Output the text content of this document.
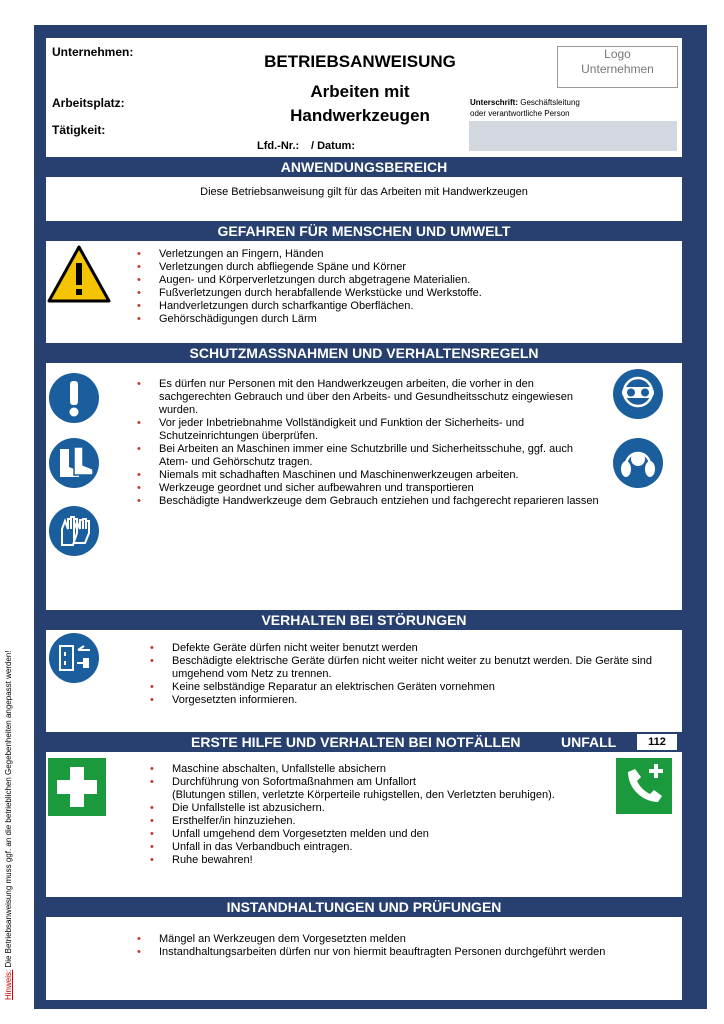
Unternehmen:
Arbeitsplatz:
Tätigkeit:
BETRIEBSANWEISUNG
Arbeiten mit
Handwerkzeugen
Lfd.-Nr.: / Datum:
Logo
Unternehmen
Unterschrift: Geschäftsleitung
oder verantwortliche Person
ANWENDUNGSBEREICH
Diese Betriebsanweisung gilt für das Arbeiten mit Handwerkzeugen
GEFAHREN FÜR MENSCHEN UND UMWELT
• Verletzungen an Fingern, Händen
• Verletzungen durch abfliegende Späne und Körner
• Augen- und Körperverletzungen durch abgetragene Materialien.
• Fußverletzungen durch herabfallende Werkstücke und Werkstoffe.
• Handverletzungen durch scharfkantige Oberflächen.
• Gehörschädigungen durch Lärm
SCHUTZMASSNAHMEN UND VERHALTENSREGELN
• Es dürfen nur Personen mit den Handwerkzeugen arbeiten, die vorher in den sachgerechten Gebrauch und über den Arbeits- und Gesundheitsschutz eingewiesen wurden.
• Vor jeder Inbetriebnahme Vollständigkeit und Funktion der Sicherheits- und Schutzeinrichtungen überprüfen.
• Bei Arbeiten an Maschinen immer eine Schutzbrille und Sicherheitsschuhe, ggf. auch Atem- und Gehörschutz tragen.
• Niemals mit schadhaften Maschinen und Maschinenwerkzeugen arbeiten.
• Werkzeuge geordnet und sicher aufbewahren und transportieren
• Beschädigte Handwerkzeuge dem Gebrauch entziehen und fachgerecht reparieren lassen
VERHALTEN BEI STÖRUNGEN
• Defekte Geräte dürfen nicht weiter benutzt werden
• Beschädigte elektrische Geräte dürfen nicht weiter nicht weiter zu benutzt werden. Die Geräte sind umgehend vom Netz zu trennen.
• Keine selbständige Reparatur an elektrischen Geräten vornehmen
• Vorgesetzten informieren.
ERSTE HILFE UND VERHALTEN BEI NOTFÄLLEN	UNFALL	112
• Maschine abschalten, Unfallstelle absichern
• Durchführung von Sofortmaßnahmen am Unfallort
(Blutungen stillen, verletzte Körperteile ruhigstellen, den Verletzten beruhigen).
• Die Unfallstelle ist abzusichern.
• Ersthelfer/in hinzuziehen.
• Unfall umgehend dem Vorgesetzten melden und den
• Unfall in das Verbandbuch eintragen.
• Ruhe bewahren!
INSTANDHALTUNGEN UND PRÜFUNGEN
• Mängel an Werkzeugen dem Vorgesetzten melden
• Instandhaltungsarbeiten dürfen nur von hiermit beauftragten Personen durchgeführt werden
Hinweis: Die Betriebsanweisung muss ggf. an die betrieblichen Gegebenheiten angepasst werden!
